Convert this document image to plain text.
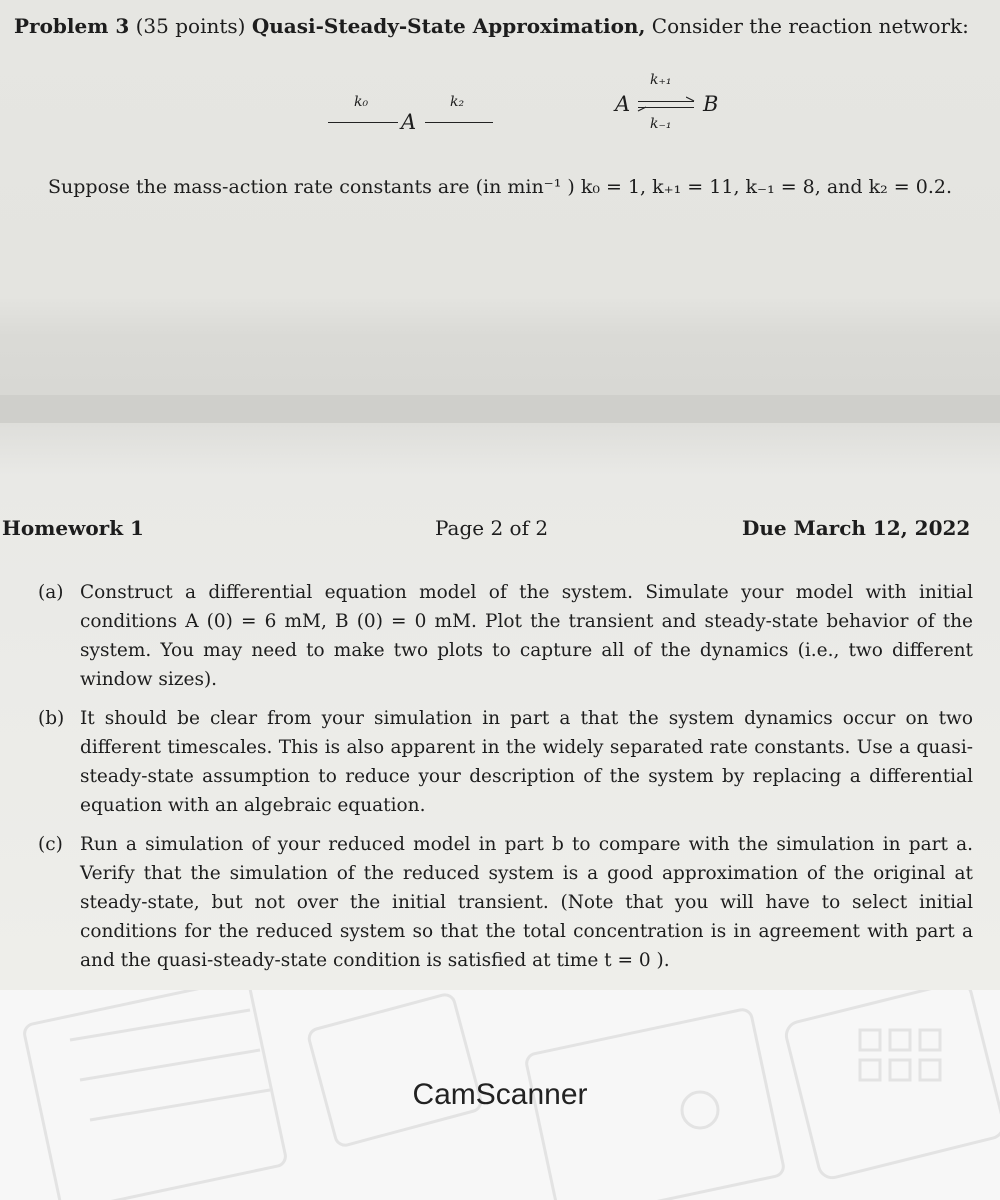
Problem 3 (35 points) Quasi-Steady-State Approximation, Consider the reaction network:
k₀
A
k₂
k₊₁
A	B
k₋₁
Suppose the mass-action rate constants are (in min⁻¹ ) k₀ = 1, k₊₁ = 11, k₋₁ = 8, and k₂ = 0.2.
Homework 1	Page 2 of 2	Due March 12, 2022
(a) Construct a differential equation model of the system. Simulate your model with initial conditions A (0) = 6 mM, B (0) = 0 mM. Plot the transient and steady-state behavior of the system. You may need to make two plots to capture all of the dynamics (i.e., two different window sizes).
(b) It should be clear from your simulation in part a that the system dynamics occur on two different timescales. This is also apparent in the widely separated rate constants. Use a quasi-steady-state assumption to reduce your description of the system by replacing a differential equation with an algebraic equation.
(c) Run a simulation of your reduced model in part b to compare with the simulation in part a. Verify that the simulation of the reduced system is a good approximation of the original at steady-state, but not over the initial transient. (Note that you will have to select initial conditions for the reduced system so that the total concentration is in agreement with part a and the quasi-steady-state condition is satisfied at time t = 0 ).
CamScanner
